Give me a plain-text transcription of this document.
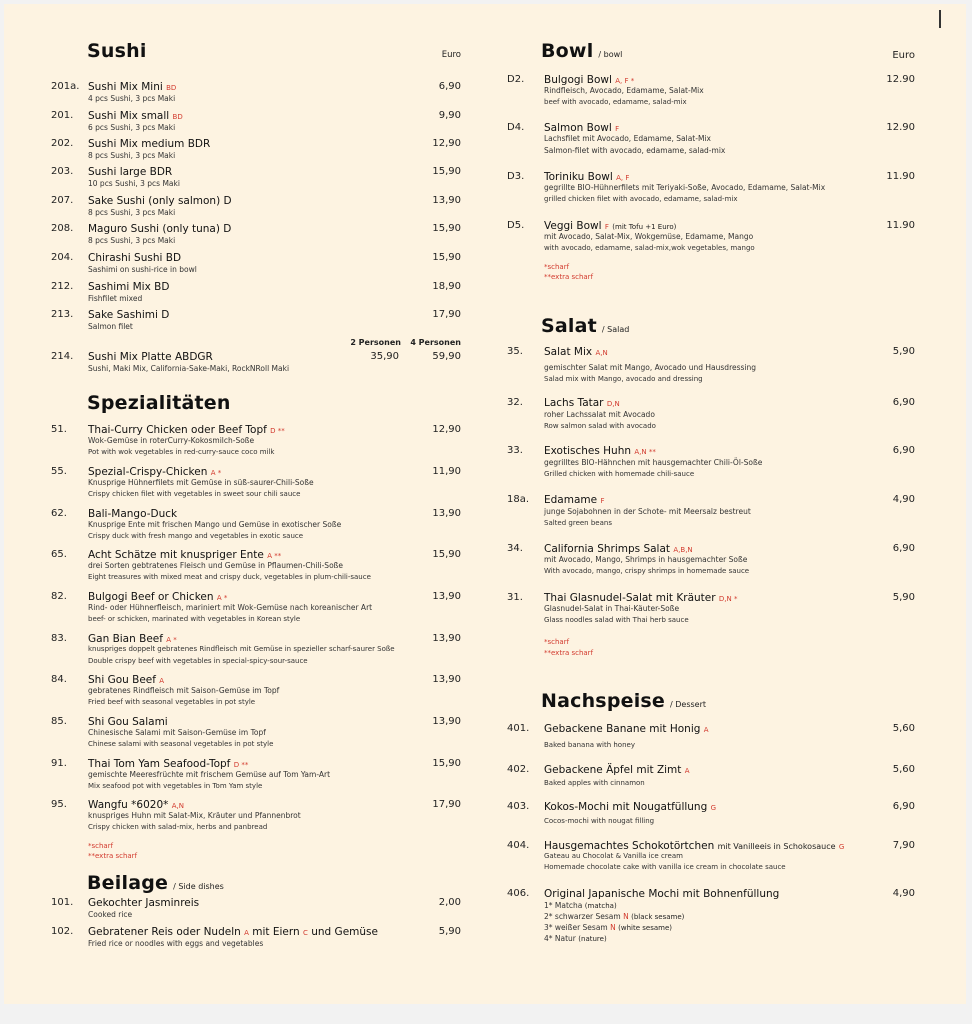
Sushi	Euro
201a. Sushi Mix Mini BD	6,90
4 pcs Sushi, 3 pcs Maki
201. Sushi Mix small BD	9,90
6 pcs Sushi, 3 pcs Maki
202. Sushi Mix medium BDR	12,90
8 pcs Sushi, 3 pcs Maki
203. Sushi large BDR	15,90
10 pcs Sushi, 3 pcs Maki
207. Sake Sushi (only salmon) D	13,90
8 pcs Sushi, 3 pcs Maki
208. Maguro Sushi (only tuna) D	15,90
8 pcs Sushi, 3 pcs Maki
204. Chirashi Sushi BD	15,90
Sashimi on sushi-rice in bowl
212. Sashimi Mix BD	18,90
Fishfilet mixed
213. Sake Sashimi D	17,90
Salmon filet
2 Personen 4 Personen
214. Sushi Mix Platte ABDGR	35,90	59,90
Sushi, Maki Mix, California-Sake-Maki, RockNRoll Maki
Spezialitäten
51. Thai-Curry Chicken oder Beef Topf D **	12,90
Wok-Gemüse in roterCurry-Kokosmilch-Soße
Pot with wok vegetables in red-curry-sauce coco milk
55. Spezial-Crispy-Chicken A *	11,90
Knusprige Hühnerfilets mit Gemüse in süß-saurer-Chili-Soße
Crispy chicken filet with vegetables in sweet sour chili sauce
62. Bali-Mango-Duck	13,90
Knusprige Ente mit frischen Mango und Gemüse in exotischer Soße
Crispy duck with fresh mango and vegetables in exotic sauce
65. Acht Schätze mit knuspriger Ente A **	15,90
drei Sorten gebtratenes Fleisch und Gemüse in Pflaumen-Chili-Soße
Eight treasures with mixed meat and crispy duck, vegetables in plum-chili-sauce
82. Bulgogi Beef or Chicken A *	13,90
Rind- oder Hühnerfleisch, mariniert mit Wok-Gemüse nach koreanischer Art
beef- or schicken, marinated with vegetables in Korean style
83. Gan Bian Beef A *	13,90
knuspriges doppelt gebratenes Rindfleisch mit Gemüse in spezieller scharf-saurer Soße
Double crispy beef with vegetables in special-spicy-sour-sauce
84. Shi Gou Beef A	13,90
gebratenes Rindfleisch mit Saison-Gemüse im Topf
Fried beef with seasonal vegetables in pot style
85. Shi Gou Salami	13,90
Chinesische Salami mit Saison-Gemüse im Topf
Chinese salami with seasonal vegetables in pot style
91. Thai Tom Yam Seafood-Topf D **	15,90
gemischte Meeresfrüchte mit frischem Gemüse auf Tom Yam-Art
Mix seafood pot with vegetables in Tom Yam style
95. Wangfu *6020* A,N	17,90
knuspriges Huhn mit Salat-Mix, Kräuter und Pfannenbrot
Crispy chicken with salad-mix, herbs and panbread
*scharf
**extra scharf
Beilage / Side dishes
101. Gekochter Jasminreis	2,00
Cooked rice
102. Gebratener Reis oder Nudeln A mit Eiern C und Gemüse	5,90
Fried rice or noodles with eggs and vegetables
Bowl / bowl	Euro
D2. Bulgogi Bowl A, F *	12.90
Rindfleisch, Avocado, Edamame, Salat-Mix
beef with avocado, edamame, salad-mix
D4. Salmon Bowl F	12.90
Lachsfilet mit Avocado, Edamame, Salat-Mix
Salmon-filet with avocado, edamame, salad-mix
D3. Toriniku Bowl A, F	11.90
gegrillte BIO-Hühnerfilets mit Teriyaki-Soße, Avocado, Edamame, Salat-Mix
grilled chicken filet with avocado, edamame, salad-mix
D5. Veggi Bowl F (mit Tofu +1 Euro)	11.90
mit Avocado, Salat-Mix, Wokgemüse, Edamame, Mango
with avocado, edamame, salad-mix,wok vegetables, mango
*scharf
**extra scharf
Salat / Salad
35. Salat Mix A,N	5,90
gemischter Salat mit Mango, Avocado und Hausdressing
Salad mix with Mango, avocado and dressing
32. Lachs Tatar D,N	6,90
roher Lachssalat mit Avocado
Row salmon salad with avocado
33. Exotisches Huhn A,N **	6,90
gegrilltes BIO-Hähnchen mit hausgemachter Chili-Öl-Soße
Grilled chicken with homemade chili-sauce
18a. Edamame F	4,90
junge Sojabohnen in der Schote- mit Meersalz bestreut
Salted green beans
34. California Shrimps Salat A,B,N	6,90
mit Avocado, Mango, Shrimps in hausgemachter Soße
With avocado, mango, crispy shrimps in homemade sauce
31. Thai Glasnudel-Salat mit Kräuter D,N *	5,90
Glasnudel-Salat in Thai-Käuter-Soße
Glass noodles salad with Thai herb sauce
*scharf
**extra scharf
Nachspeise / Dessert
401. Gebackene Banane mit Honig A	5,60
Baked banana with honey
402. Gebackene Äpfel mit Zimt A	5,60
Baked apples with cinnamon
403. Kokos-Mochi mit Nougatfüllung G	6,90
Cocos-mochi with nougat filling
404. Hausgemachtes Schokotörtchen mit Vanilleeis in Schokosauce G	7,90
Gateau au Chocolat & Vanilla ice cream
Homemade chocolate cake with vanilla ice cream in chocolate sauce
406. Original Japanische Mochi mit Bohnenfüllung	4,90
1* Matcha (matcha)
2* schwarzer Sesam N (black sesame)
3* weißer Sesam N (white sesame)
4* Natur (nature)
